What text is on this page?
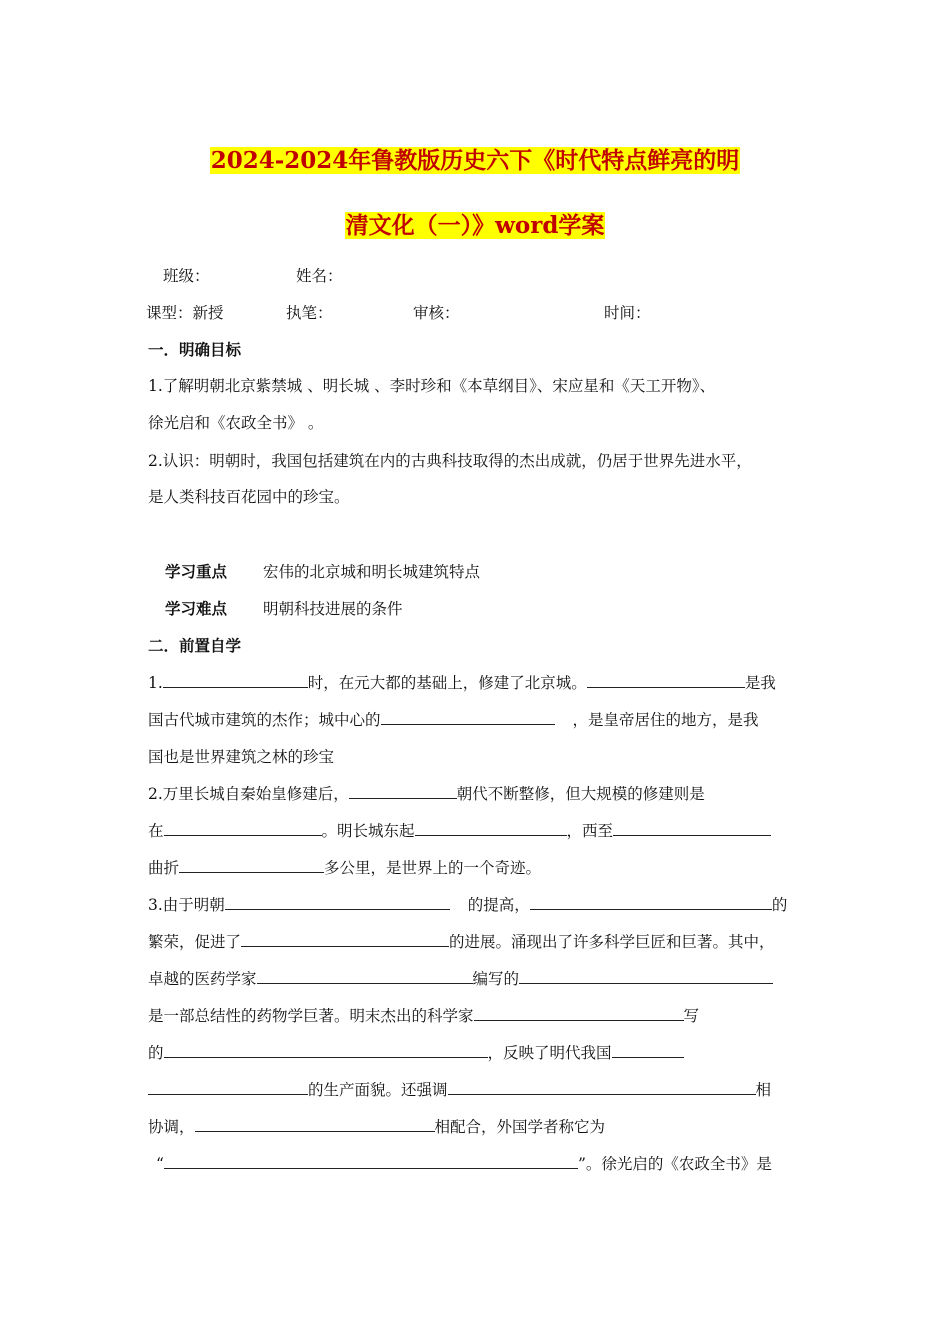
2024-2024年鲁教版历史六下《时代特点鲜亮的明
清文化（一）》word学案
班级：	姓名：
课型：新授	执笔：	审核：	时间：
一．明确目标
1.了解明朝北京紫禁城 、明长城 、李时珍和《本草纲目》、宋应星和《天工开物》、
徐光启和《农政全书》 。
2.认识：明朝时，我国包括建筑在内的古典科技取得的杰出成就，仍居于世界先进水平，
是人类科技百花园中的珍宝。
学习重点 宏伟的北京城和明长城建筑特点
学习难点 明朝科技进展的条件
二．前置自学
1.	时，在元大都的基础上，修建了北京城。	是我
国古代城市建筑的杰作；城中心的	，是皇帝居住的地方，是我
国也是世界建筑之林的珍宝
2.万里长城自秦始皇修建后，	朝代不断整修，但大规模的修建则是
在	。明长城东起	，西至
曲折	多公里，是世界上的一个奇迹。
3.由于明朝	的提高，	的
繁荣，促进了	的进展。涌现出了许多科学巨匠和巨著。其中，
卓越的医药学家	编写的
是一部总结性的药物学巨著。明末杰出的科学家	写
的	，反映了明代我国
的生产面貌。还强调	相
协调，	相配合，外国学者称它为
“	”。徐光启的《农政全书》是
